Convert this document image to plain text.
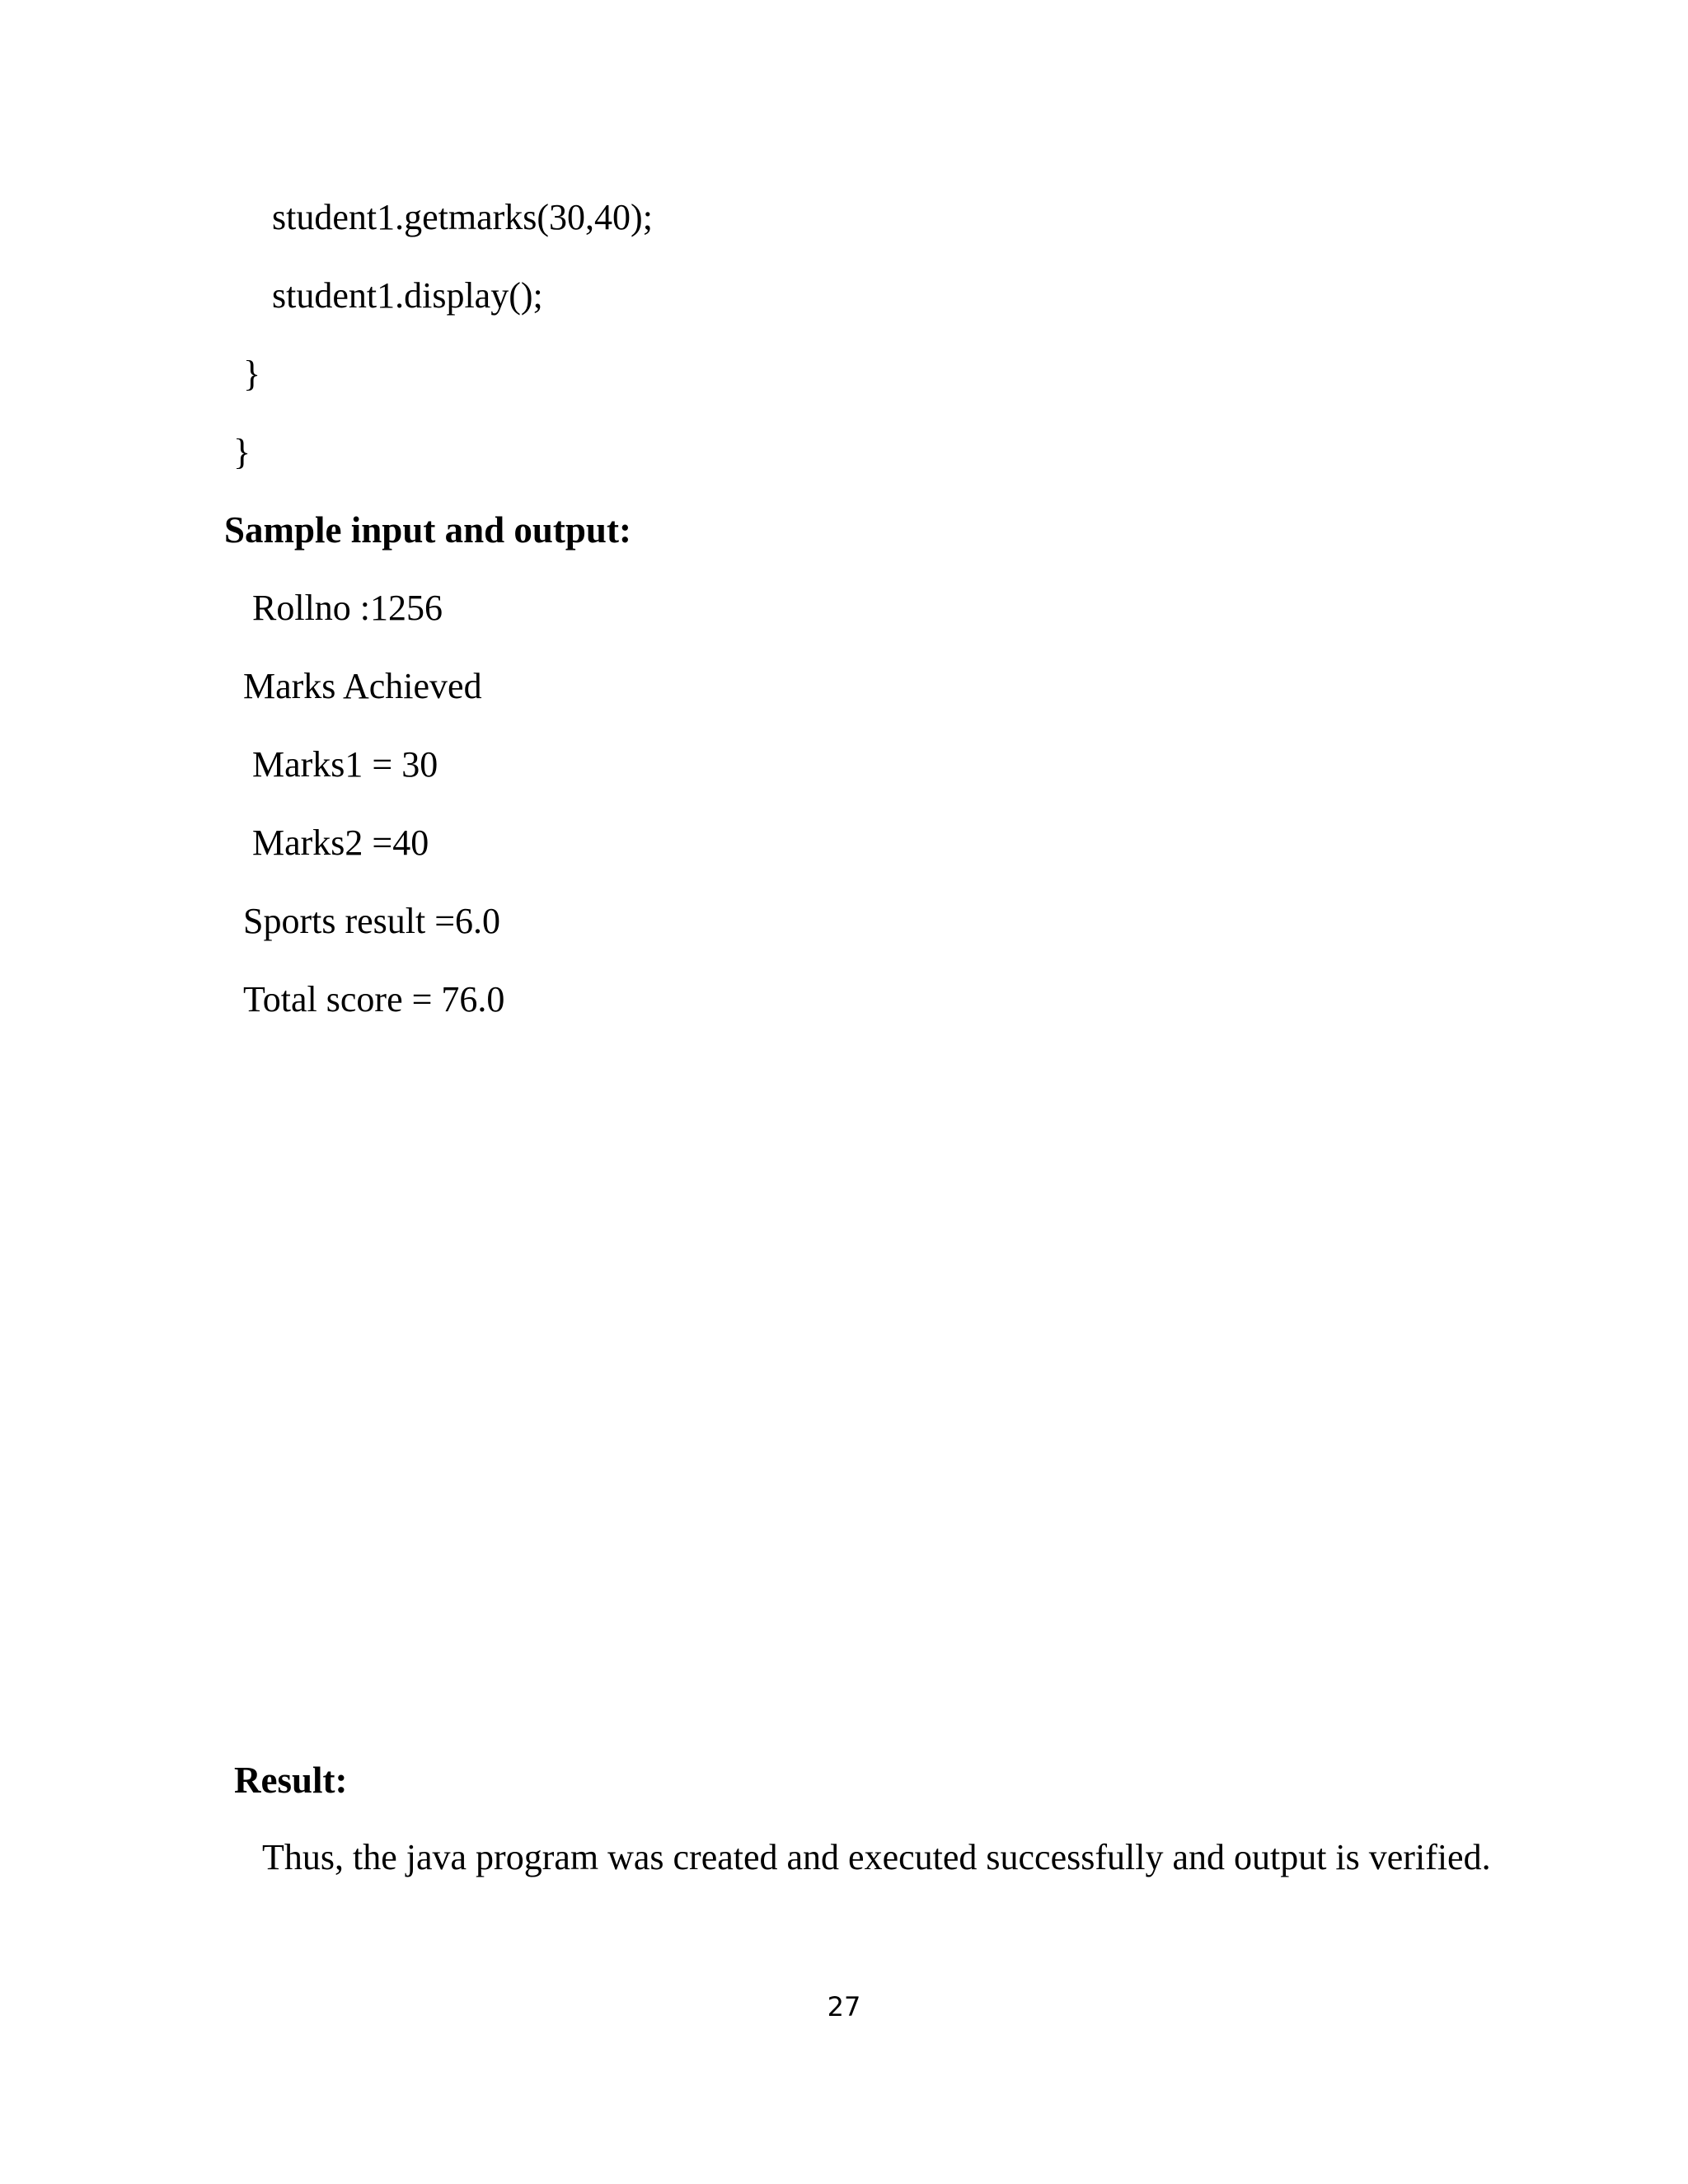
student1.getmarks(30,40);
student1.display();
}
}
Sample input and output:
Rollno :1256
Marks Achieved
Marks1 = 30
Marks2 =40
Sports result =6.0
Total score = 76.0
Result:
Thus, the java program was created and executed successfully and output is verified.
27
